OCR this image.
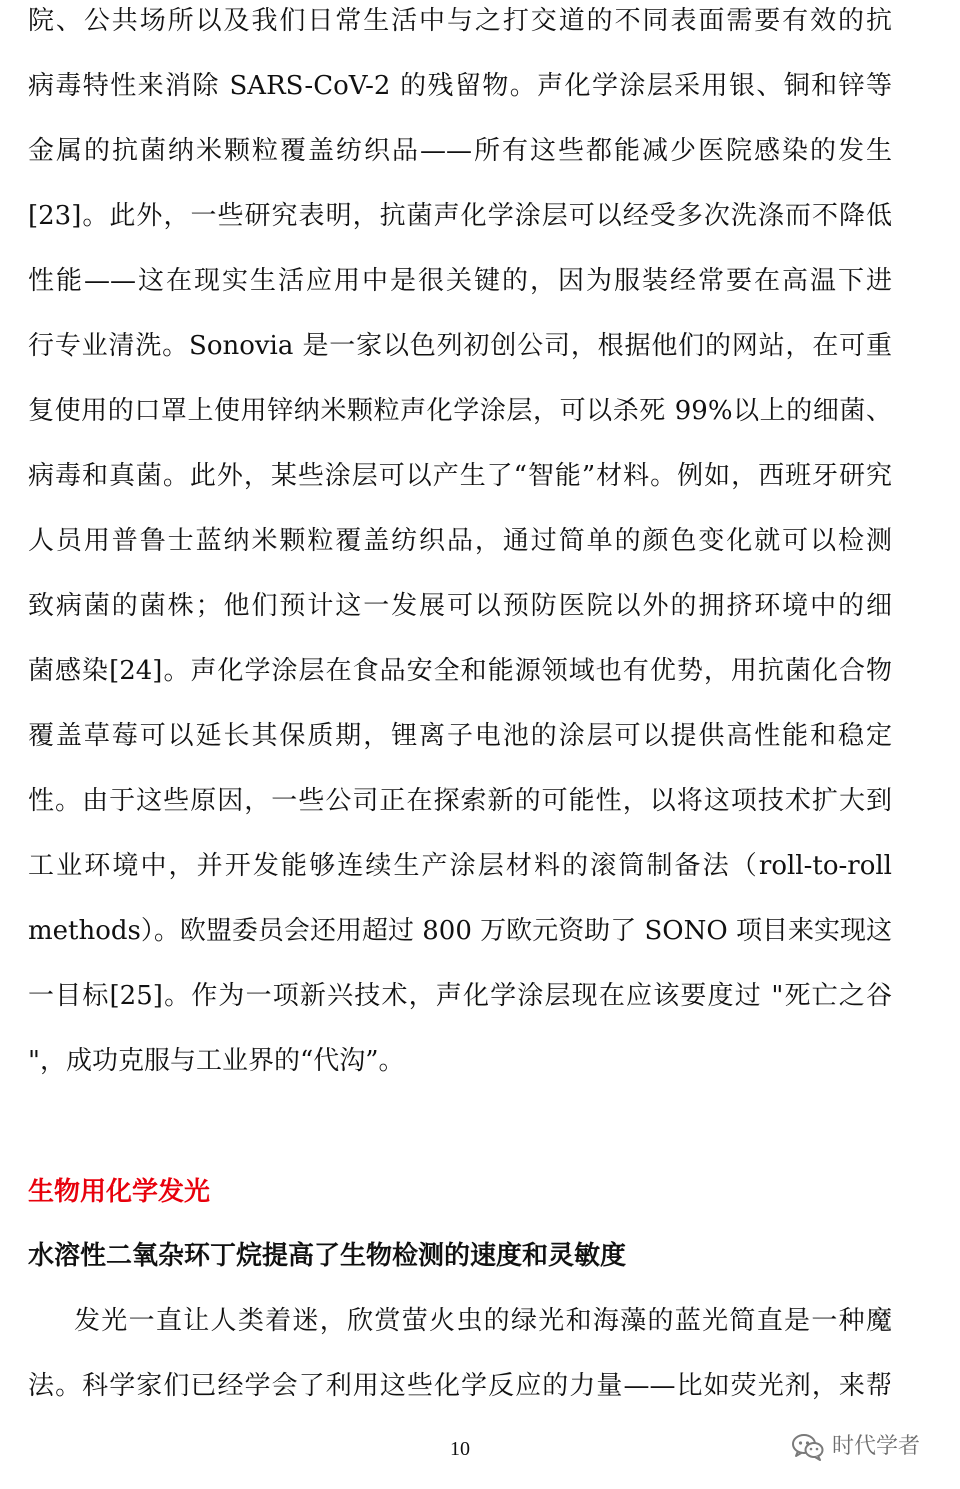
院、公共场所以及我们日常生活中与之打交道的不同表面需要有效的抗
病毒特性来消除 SARS-CoV-2 的残留物。声化学涂层采用银、铜和锌等
金属的抗菌纳米颗粒覆盖纺织品——所有这些都能减少医院感染的发生
[23]。此外，一些研究表明，抗菌声化学涂层可以经受多次洗涤而不降低
性能——这在现实生活应用中是很关键的，因为服装经常要在高温下进
行专业清洗。Sonovia 是一家以色列初创公司，根据他们的网站，在可重
复使用的口罩上使用锌纳米颗粒声化学涂层，可以杀死 99%以上的细菌、
病毒和真菌。此外，某些涂层可以产生了“智能”材料。例如，西班牙研究
人员用普鲁士蓝纳米颗粒覆盖纺织品，通过简单的颜色变化就可以检测
致病菌的菌株；他们预计这一发展可以预防医院以外的拥挤环境中的细
菌感染[24]。声化学涂层在食品安全和能源领域也有优势，用抗菌化合物
覆盖草莓可以延长其保质期，锂离子电池的涂层可以提供高性能和稳定
性。由于这些原因，一些公司正在探索新的可能性，以将这项技术扩大到
工业环境中，并开发能够连续生产涂层材料的滚筒制备法（roll-to-roll
methods）。欧盟委员会还用超过 800 万欧元资助了 SONO 项目来实现这
一目标[25]。作为一项新兴技术，声化学涂层现在应该要度过 "死亡之谷
"，成功克服与工业界的“代沟”。
生物用化学发光
水溶性二氧杂环丁烷提高了生物检测的速度和灵敏度
发光一直让人类着迷，欣赏萤火虫的绿光和海藻的蓝光简直是一种魔
法。科学家们已经学会了利用这些化学反应的力量——比如荧光剂，来帮
10	时代学者
